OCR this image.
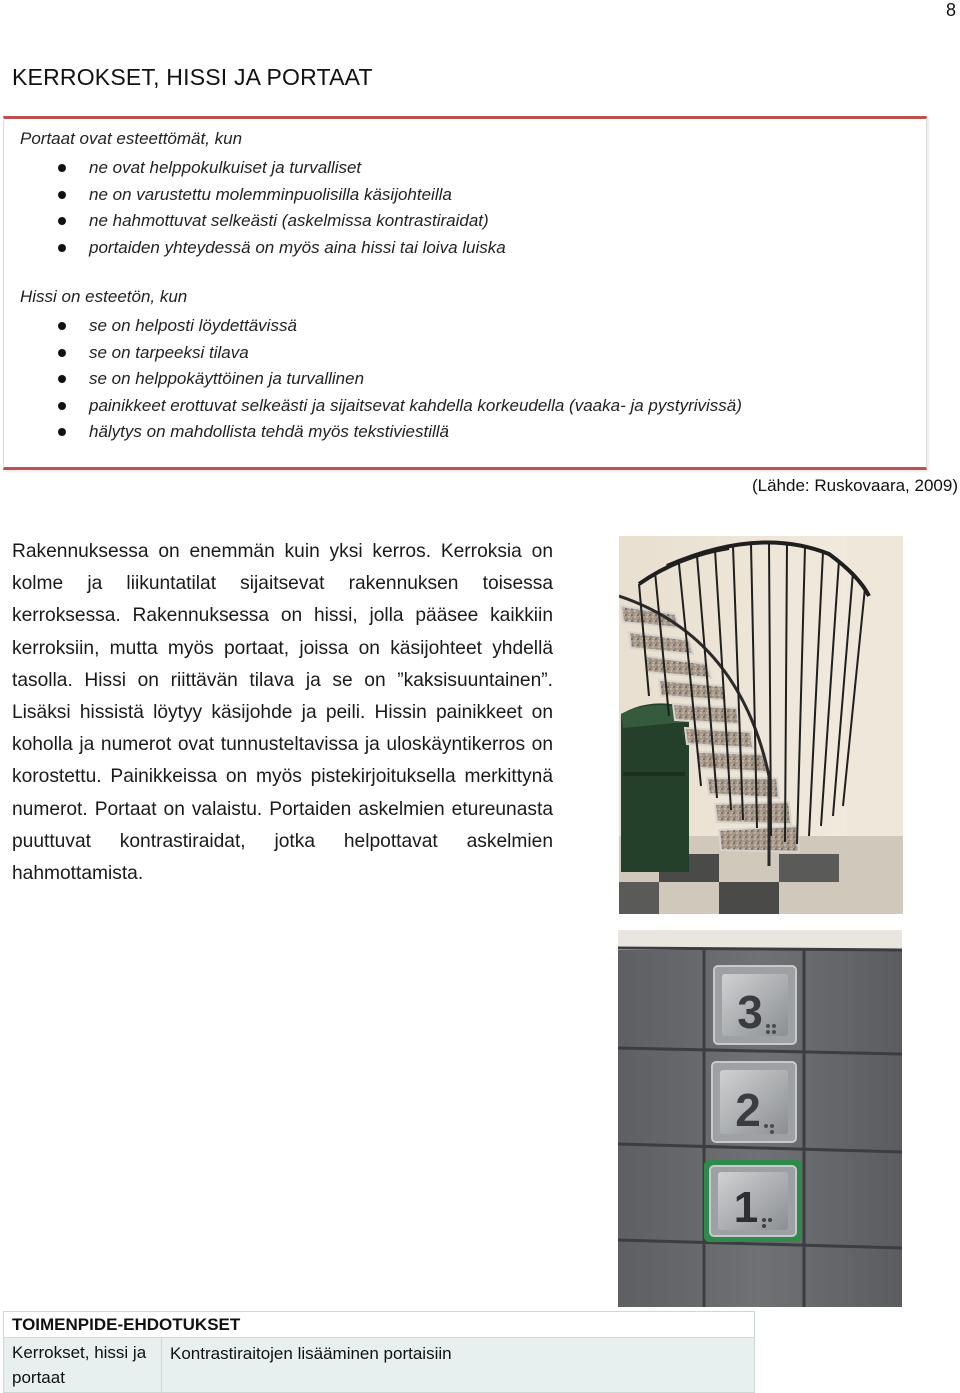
8
KERROKSET, HISSI JA PORTAAT
Portaat ovat esteettömät, kun
ne ovat helppokulkuiset ja turvalliset
ne on varustettu molemminpuolisilla käsijohteilla
ne hahmottuvat selkeästi (askelmissa kontrastiraidat)
portaiden yhteydessä on myös aina hissi tai loiva luiska
Hissi on esteetön, kun
se on helposti löydettävissä
se on tarpeeksi tilava
se on helppokäyttöinen ja turvallinen
painikkeet erottuvat selkeästi ja sijaitsevat kahdella korkeudella (vaaka- ja pystyrivissä)
hälytys on mahdollista tehdä myös tekstiviestillä
(Lähde: Ruskovaara, 2009)
Rakennuksessa on enemmän kuin yksi kerros. Kerroksia on kolme ja liikuntatilat sijaitsevat rakennuksen toisessa kerroksessa. Rakennuksessa on hissi, jolla pääsee kaikkiin kerroksiin, mutta myös portaat, joissa on käsijohteet yhdellä tasolla. Hissi on riittävän tilava ja se on ”kaksisuuntainen”. Lisäksi hissistä löytyy käsijohde ja peili. Hissin painikkeet on koholla ja numerot ovat tunnusteltavissa ja uloskäyntikerros on korostettu. Painikkeissa on myös pistekirjoituksella merkittynä numerot. Portaat on valaistu. Portaiden askelmien etureunasta puuttuvat kontrastiraidat, jotka helpottavat askelmien hahmottamista.
3
2
1
TOIMENPIDE-EHDOTUKSET
Kerrokset, hissi ja portaat	Kontrastiraitojen lisääminen portaisiin
